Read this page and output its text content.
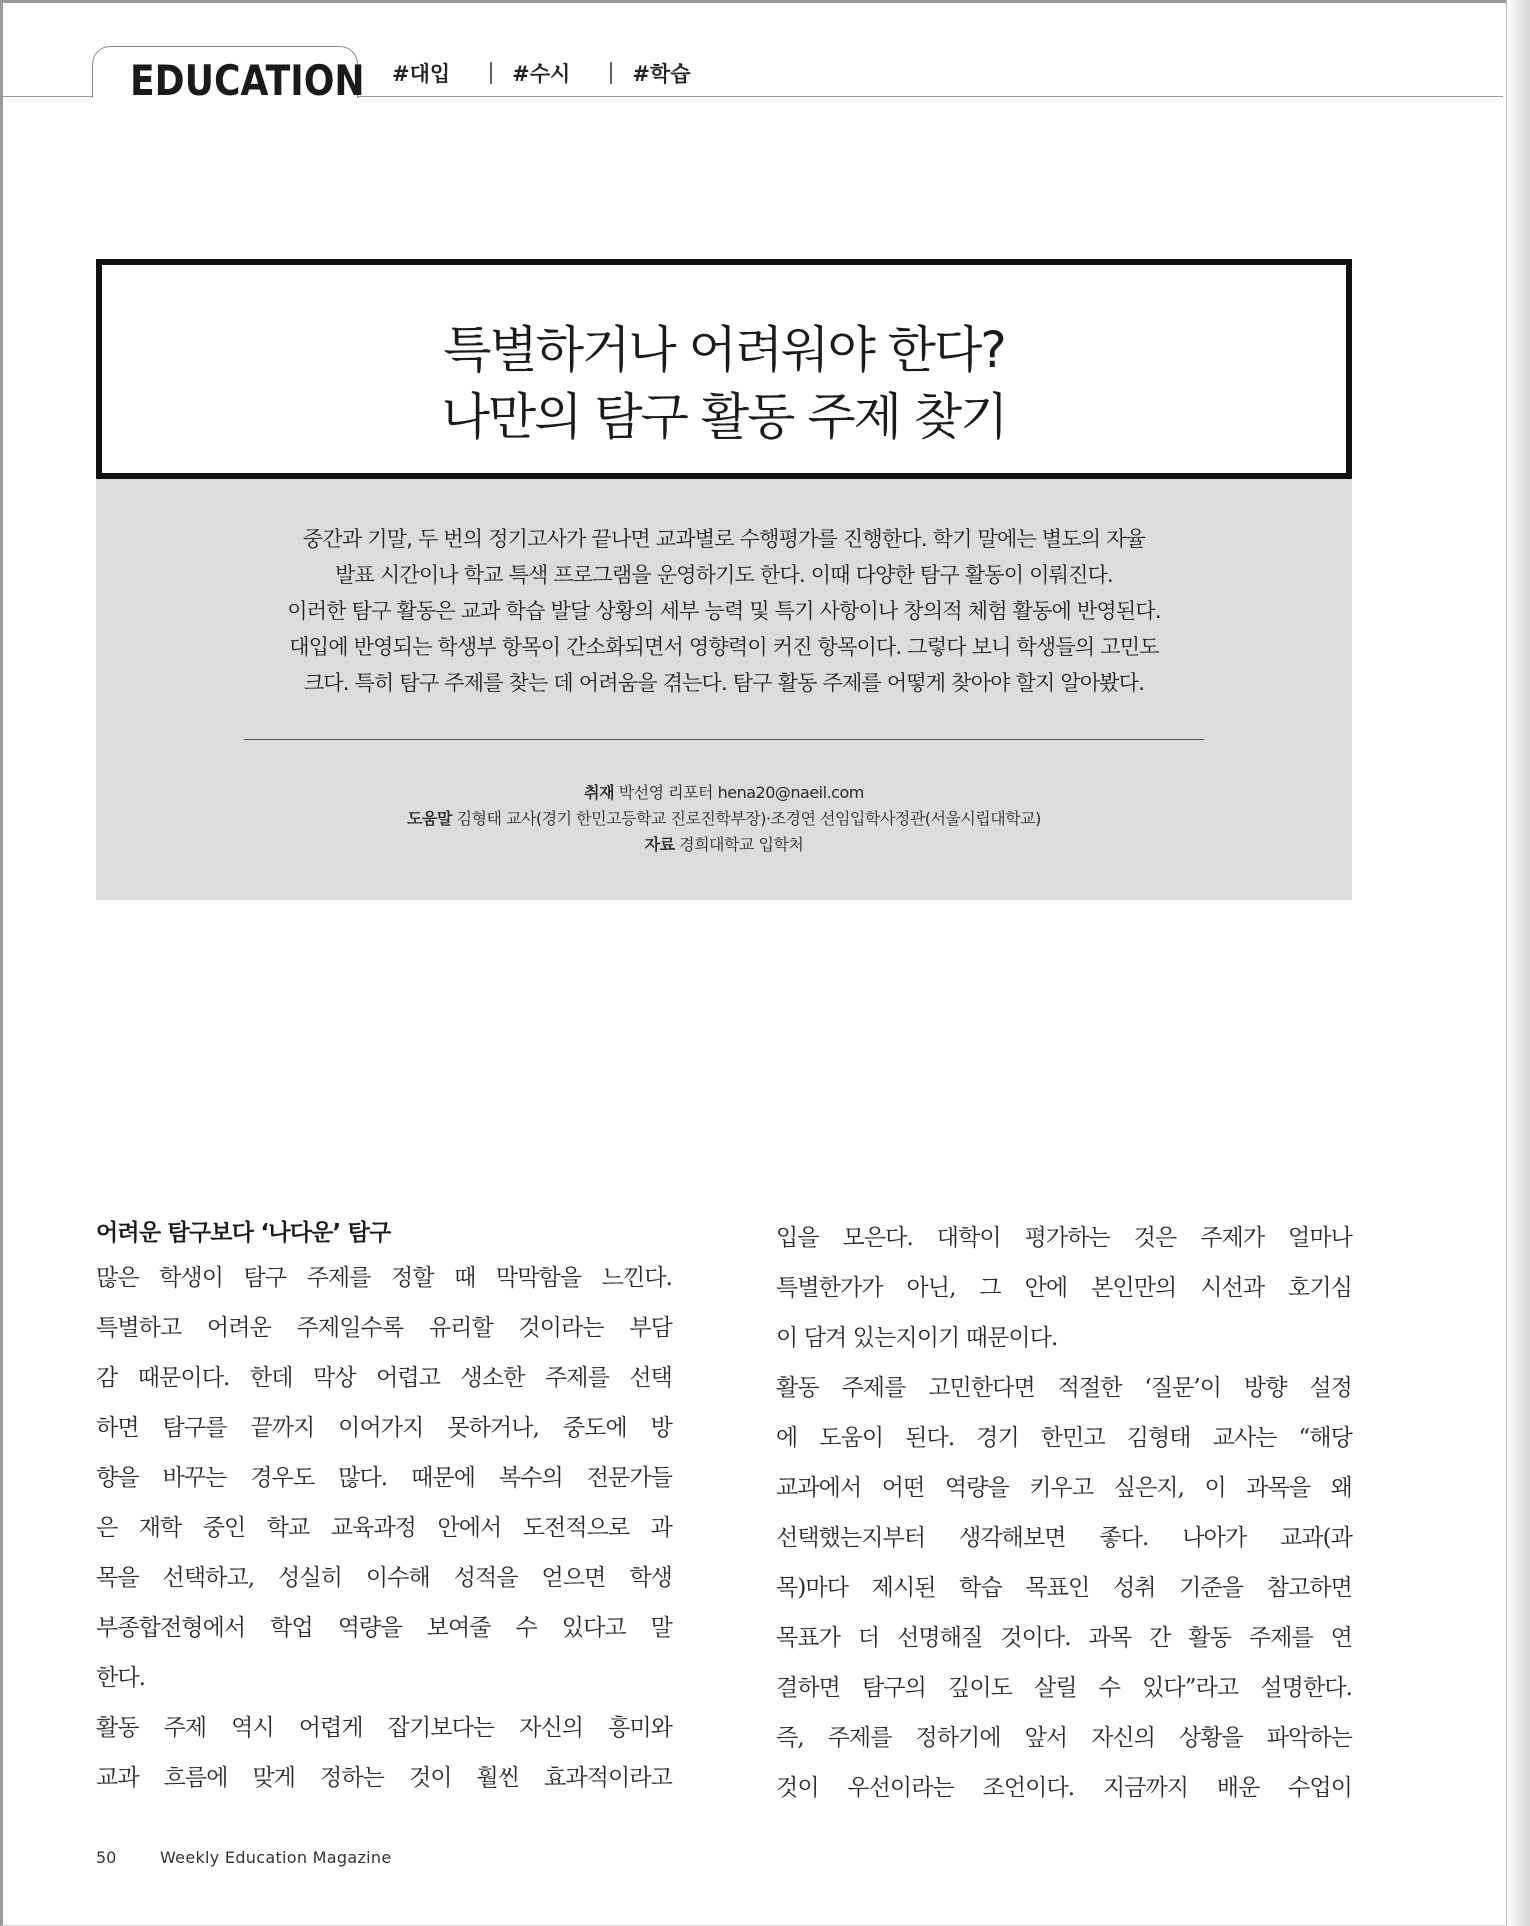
EDUCATION #대입	#수시	#학습
특별하거나 어려워야 한다?
나만의 탐구 활동 주제 찾기
중간과 기말, 두 번의 정기고사가 끝나면 교과별로 수행평가를 진행한다. 학기 말에는 별도의 자율
발표 시간이나 학교 특색 프로그램을 운영하기도 한다. 이때 다양한 탐구 활동이 이뤄진다.
이러한 탐구 활동은 교과 학습 발달 상황의 세부 능력 및 특기 사항이나 창의적 체험 활동에 반영된다.
대입에 반영되는 학생부 항목이 간소화되면서 영향력이 커진 항목이다. 그렇다 보니 학생들의 고민도
크다. 특히 탐구 주제를 찾는 데 어려움을 겪는다. 탐구 활동 주제를 어떻게 찾아야 할지 알아봤다.
취재 박선영 리포터 hena20@naeil.com
도움말 김형태 교사(경기 한민고등학교 진로진학부장)·조경연 선임입학사정관(서울시립대학교)
자료 경희대학교 입학처
어려운 탐구보다 ‘나다운’ 탐구
많은 학생이 탐구 주제를 정할 때 막막함을 느낀다.
특별하고 어려운 주제일수록 유리할 것이라는 부담
감 때문이다. 한데 막상 어렵고 생소한 주제를 선택
하면 탐구를 끝까지 이어가지 못하거나, 중도에 방
향을 바꾸는 경우도 많다. 때문에 복수의 전문가들
은 재학 중인 학교 교육과정 안에서 도전적으로 과
목을 선택하고, 성실히 이수해 성적을 얻으면 학생
부종합전형에서 학업 역량을 보여줄 수 있다고 말
한다.
활동 주제 역시 어렵게 잡기보다는 자신의 흥미와
교과 흐름에 맞게 정하는 것이 훨씬 효과적이라고
입을 모은다. 대학이 평가하는 것은 주제가 얼마나
특별한가가 아닌, 그 안에 본인만의 시선과 호기심
이 담겨 있는지이기 때문이다.
활동 주제를 고민한다면 적절한 ‘질문’이 방향 설정
에 도움이 된다. 경기 한민고 김형태 교사는 “해당
교과에서 어떤 역량을 키우고 싶은지, 이 과목을 왜
선택했는지부터 생각해보면 좋다. 나아가 교과(과
목)마다 제시된 학습 목표인 성취 기준을 참고하면
목표가 더 선명해질 것이다. 과목 간 활동 주제를 연
결하면 탐구의 깊이도 살릴 수 있다”라고 설명한다.
즉, 주제를 정하기에 앞서 자신의 상황을 파악하는
것이 우선이라는 조언이다. 지금까지 배운 수업이
50	Weekly Education Magazine
